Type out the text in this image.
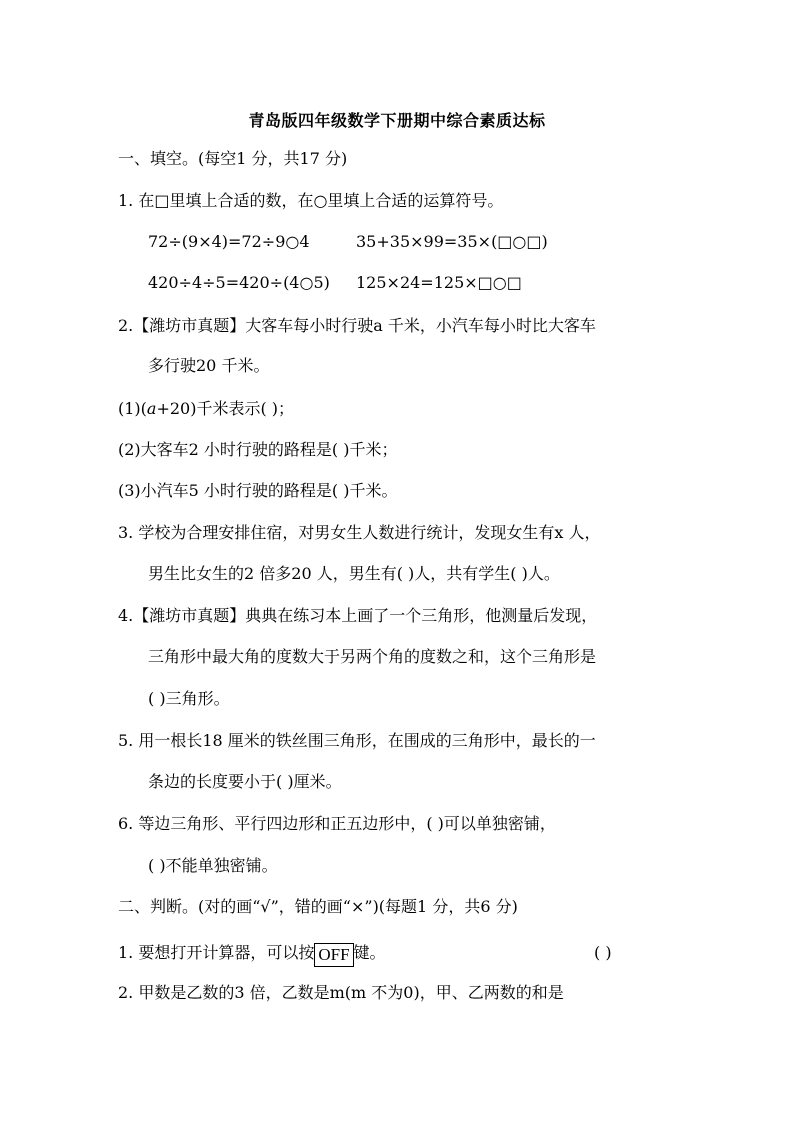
青岛版四年级数学下册期中综合素质达标
一、填空。(每空1 分，共17 分)
1. 在□里填上合适的数，在○里填上合适的运算符号。
72÷(9×4)=72÷9○4	35+35×99=35×(□○□)
420÷4÷5=420÷(4○5) 125×24=125×□○□
2.【潍坊市真题】大客车每小时行驶a 千米，小汽车每小时比大客车
多行驶20 千米。
(1)(a+20)千米表示( )；
(2)大客车2 小时行驶的路程是( )千米；
(3)小汽车5 小时行驶的路程是( )千米。
3. 学校为合理安排住宿，对男女生人数进行统计，发现女生有x 人，
男生比女生的2 倍多20 人，男生有( )人，共有学生( )人。
4.【潍坊市真题】典典在练习本上画了一个三角形，他测量后发现，
三角形中最大角的度数大于另两个角的度数之和，这个三角形是
( )三角形。
5. 用一根长18 厘米的铁丝围三角形，在围成的三角形中，最长的一
条边的长度要小于( )厘米。
6. 等边三角形、平行四边形和正五边形中，( )可以单独密铺，
( )不能单独密铺。
二、判断。(对的画“√”，错的画“×”)(每题1 分，共6 分)
1. 要想打开计算器，可以按 OFF 键。	( )
2. 甲数是乙数的3 倍，乙数是m(m 不为0)，甲、乙两数的和是
